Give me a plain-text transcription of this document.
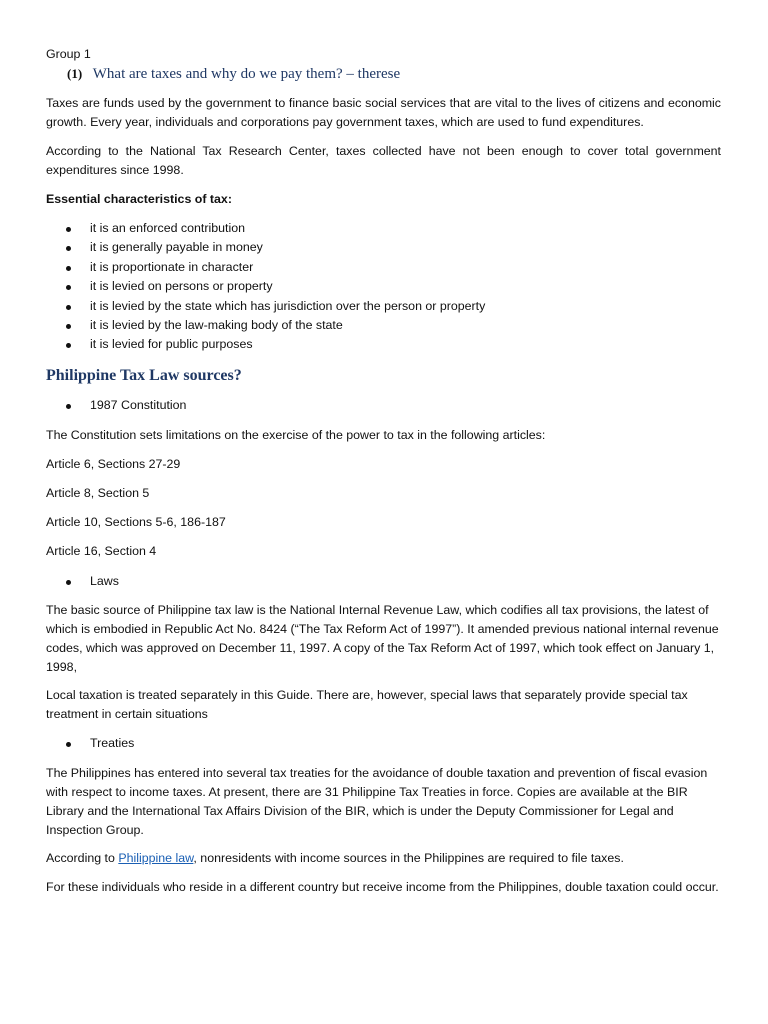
Group 1

(1) What are taxes and why do we pay them? – therese

Taxes are funds used by the government to finance basic social services that are vital to the lives of citizens and economic growth. Every year, individuals and corporations pay government taxes, which are used to fund expenditures.

According to the National Tax Research Center, taxes collected have not been enough to cover total government expenditures since 1998.

Essential characteristics of tax:

it is an enforced contribution
it is generally payable in money
it is proportionate in character
it is levied on persons or property
it is levied by the state which has jurisdiction over the person or property
it is levied by the law-making body of the state
it is levied for public purposes
Philippine Tax Law sources?
1987 Constitution

The Constitution sets limitations on the exercise of the power to tax in the following articles:

Article 6, Sections 27-29

Article 8, Section 5

Article 10, Sections 5-6, 186-187

Article 16, Section 4

Laws

The basic source of Philippine tax law is the National Internal Revenue Law, which codifies all tax provisions, the latest of which is embodied in Republic Act No. 8424 (“The Tax Reform Act of 1997”). It amended previous national internal revenue codes, which was approved on December 11, 1997. A copy of the Tax Reform Act of 1997, which took effect on January 1, 1998,

Local taxation is treated separately in this Guide. There are, however, special laws that separately provide special tax treatment in certain situations

Treaties

The Philippines has entered into several tax treaties for the avoidance of double taxation and prevention of fiscal evasion with respect to income taxes. At present, there are 31 Philippine Tax Treaties in force. Copies are available at the BIR Library and the International Tax Affairs Division of the BIR, which is under the Deputy Commissioner for Legal and Inspection Group.

According to Philippine law, nonresidents with income sources in the Philippines are required to file taxes.

For these individuals who reside in a different country but receive income from the Philippines, double taxation could occur.
